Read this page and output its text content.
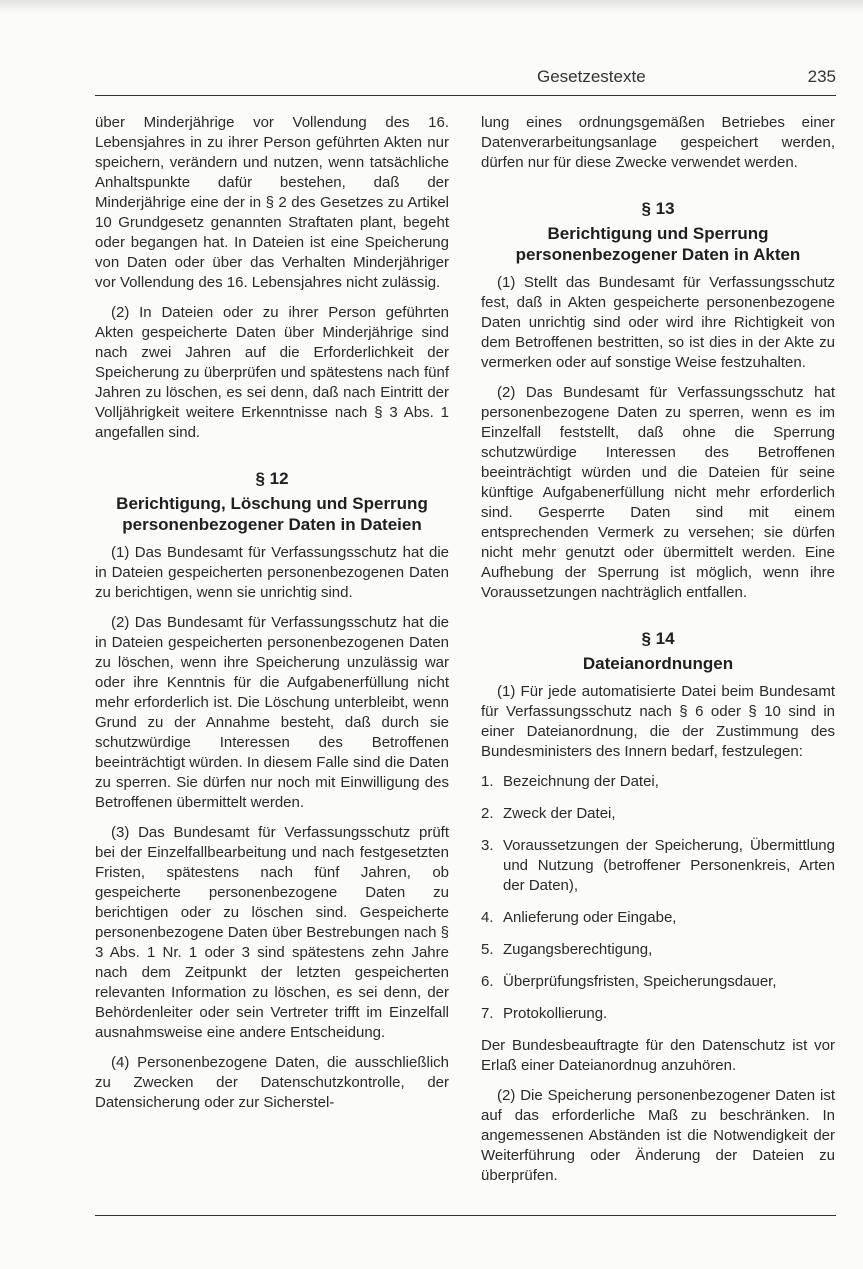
Gesetzestexte	235

über Minderjährige vor Vollendung des 16. Lebensjahres in zu ihrer Person geführten Akten nur speichern, verändern und nutzen, wenn tatsächliche Anhaltspunkte dafür bestehen, daß der Minderjährige eine der in § 2 des Gesetzes zu Artikel 10 Grundgesetz genannten Straftaten plant, begeht oder begangen hat. In Dateien ist eine Speicherung von Daten oder über das Verhalten Minderjähriger vor Vollendung des 16. Lebensjahres nicht zulässig.

(2) In Dateien oder zu ihrer Person geführten Akten gespeicherte Daten über Minderjährige sind nach zwei Jahren auf die Erforderlichkeit der Speicherung zu überprüfen und spätestens nach fünf Jahren zu löschen, es sei denn, daß nach Eintritt der Volljährigkeit weitere Erkenntnisse nach § 3 Abs. 1 angefallen sind.

§ 12
Berichtigung, Löschung und Sperrung personenbezogener Daten in Dateien

(1) Das Bundesamt für Verfassungsschutz hat die in Dateien gespeicherten personenbezogenen Daten zu berichtigen, wenn sie unrichtig sind.

(2) Das Bundesamt für Verfassungsschutz hat die in Dateien gespeicherten personenbezogenen Daten zu löschen, wenn ihre Speicherung unzulässig war oder ihre Kenntnis für die Aufgabenerfüllung nicht mehr erforderlich ist. Die Löschung unterbleibt, wenn Grund zu der Annahme besteht, daß durch sie schutzwürdige Interessen des Betroffenen beeinträchtigt würden. In diesem Falle sind die Daten zu sperren. Sie dürfen nur noch mit Einwilligung des Betroffenen übermittelt werden.

(3) Das Bundesamt für Verfassungsschutz prüft bei der Einzelfallbearbeitung und nach festgesetzten Fristen, spätestens nach fünf Jahren, ob gespeicherte personenbezogene Daten zu berichtigen oder zu löschen sind. Gespeicherte personenbezogene Daten über Bestrebungen nach § 3 Abs. 1 Nr. 1 oder 3 sind spätestens zehn Jahre nach dem Zeitpunkt der letzten gespeicherten relevanten Information zu löschen, es sei denn, der Behördenleiter oder sein Vertreter trifft im Einzelfall ausnahmsweise eine andere Entscheidung.

(4) Personenbezogene Daten, die ausschließlich zu Zwecken der Datenschutzkontrolle, der Datensicherung oder zur Sicherstel-

lung eines ordnungsgemäßen Betriebes einer Datenverarbeitungsanlage gespeichert werden, dürfen nur für diese Zwecke verwendet werden.

§ 13
Berichtigung und Sperrung personenbezogener Daten in Akten

(1) Stellt das Bundesamt für Verfassungsschutz fest, daß in Akten gespeicherte personenbezogene Daten unrichtig sind oder wird ihre Richtigkeit von dem Betroffenen bestritten, so ist dies in der Akte zu vermerken oder auf sonstige Weise festzuhalten.

(2) Das Bundesamt für Verfassungsschutz hat personenbezogene Daten zu sperren, wenn es im Einzelfall feststellt, daß ohne die Sperrung schutzwürdige Interessen des Betroffenen beeinträchtigt würden und die Dateien für seine künftige Aufgabenerfüllung nicht mehr erforderlich sind. Gesperrte Daten sind mit einem entsprechenden Vermerk zu versehen; sie dürfen nicht mehr genutzt oder übermittelt werden. Eine Aufhebung der Sperrung ist möglich, wenn ihre Voraussetzungen nachträglich entfallen.

§ 14
Dateianordnungen

(1) Für jede automatisierte Datei beim Bundesamt für Verfassungsschutz nach § 6 oder § 10 sind in einer Dateianordnung, die der Zustimmung des Bundesministers des Innern bedarf, festzulegen:

1. Bezeichnung der Datei,
2. Zweck der Datei,
3. Voraussetzungen der Speicherung, Übermittlung und Nutzung (betroffener Personenkreis, Arten der Daten),
4. Anlieferung oder Eingabe,
5. Zugangsberechtigung,
6. Überprüfungsfristen, Speicherungsdauer,
7. Protokollierung.

Der Bundesbeauftragte für den Datenschutz ist vor Erlaß einer Dateianordnug anzuhören.

(2) Die Speicherung personenbezogener Daten ist auf das erforderliche Maß zu beschränken. In angemessenen Abständen ist die Notwendigkeit der Weiterführung oder Änderung der Dateien zu überprüfen.
